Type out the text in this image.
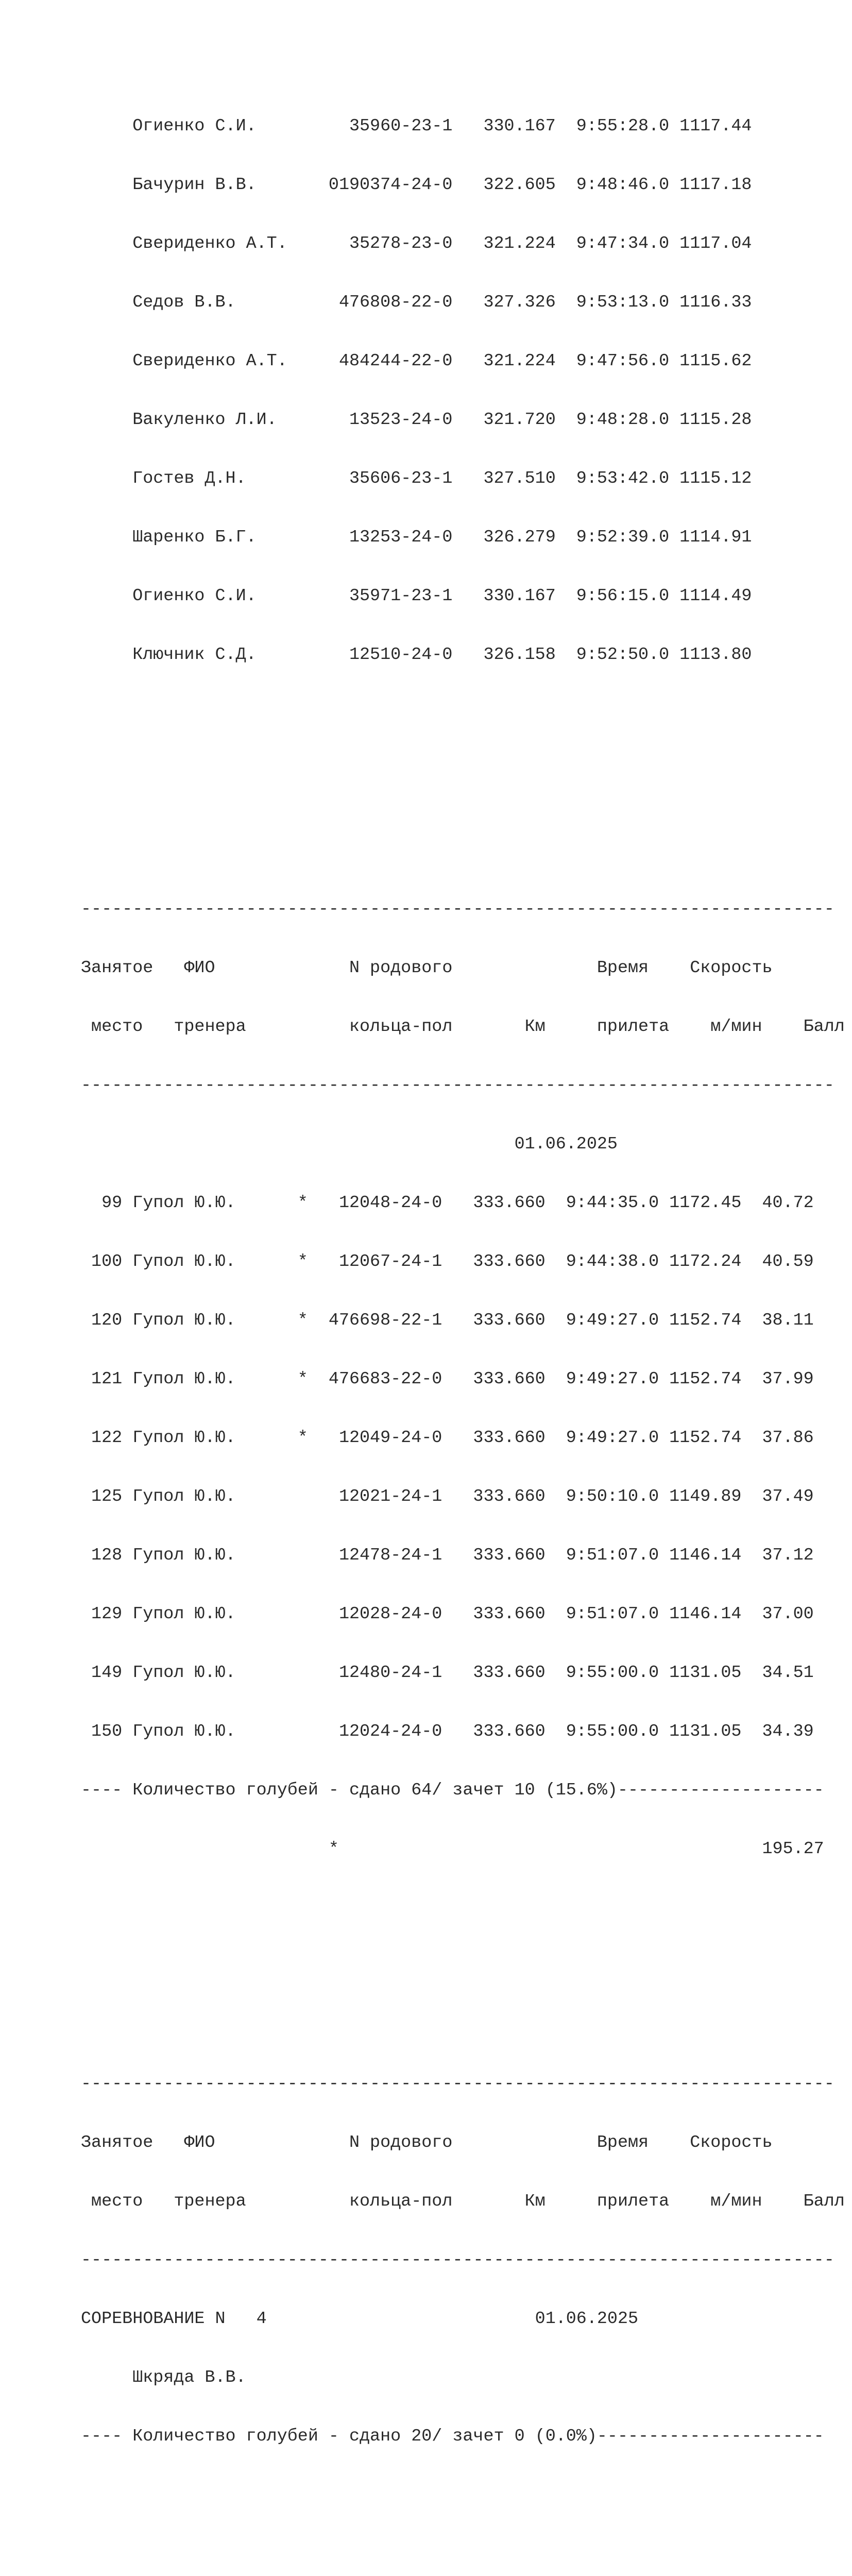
Огиенко С.И.         35960-23-1   330.167  9:55:28.0 1117.44

Бачурин В.В.       0190374-24-0   322.605  9:48:46.0 1117.18

Свериденко А.Т.      35278-23-0   321.224  9:47:34.0 1117.04

Седов В.В.          476808-22-0   327.326  9:53:13.0 1116.33

Свериденко А.Т.     484244-22-0   321.224  9:47:56.0 1115.62

Вакуленко Л.И.       13523-24-0   321.720  9:48:28.0 1115.28

Гостев Д.Н.          35606-23-1   327.510  9:53:42.0 1115.12

Шаренко Б.Г.         13253-24-0   326.279  9:52:39.0 1114.91

Огиенко С.И.         35971-23-1   330.167  9:56:15.0 1114.49

Ключник С.Д.         12510-24-0   326.158  9:52:50.0 1113.80

-------------------------------------------------------------------------

Занятое   ФИО             N родового              Время    Скорость

место   тренера          кольца-пол       Км     прилета    м/мин    Балл

-------------------------------------------------------------------------

01.06.2025

99 Гупол Ю.Ю.      *   12048-24-0   333.660  9:44:35.0 1172.45  40.72

100 Гупол Ю.Ю.      *   12067-24-1   333.660  9:44:38.0 1172.24  40.59

120 Гупол Ю.Ю.      *  476698-22-1   333.660  9:49:27.0 1152.74  38.11

121 Гупол Ю.Ю.      *  476683-22-0   333.660  9:49:27.0 1152.74  37.99

122 Гупол Ю.Ю.      *   12049-24-0   333.660  9:49:27.0 1152.74  37.86

125 Гупол Ю.Ю.          12021-24-1   333.660  9:50:10.0 1149.89  37.49

128 Гупол Ю.Ю.          12478-24-1   333.660  9:51:07.0 1146.14  37.12

129 Гупол Ю.Ю.          12028-24-0   333.660  9:51:07.0 1146.14  37.00

149 Гупол Ю.Ю.          12480-24-1   333.660  9:55:00.0 1131.05  34.51

150 Гупол Ю.Ю.          12024-24-0   333.660  9:55:00.0 1131.05  34.39

---- Количество голубей - сдано 64/ зачет 10 (15.6%)--------------------

*                                         195.27

-------------------------------------------------------------------------

Занятое   ФИО             N родового              Время    Скорость

место   тренера          кольца-пол       Км     прилета    м/мин    Балл

-------------------------------------------------------------------------

СОРЕВНОВАНИЕ N   4                          01.06.2025

Шкряда В.В.

---- Количество голубей - сдано 20/ зачет 0 (0.0%)----------------------
